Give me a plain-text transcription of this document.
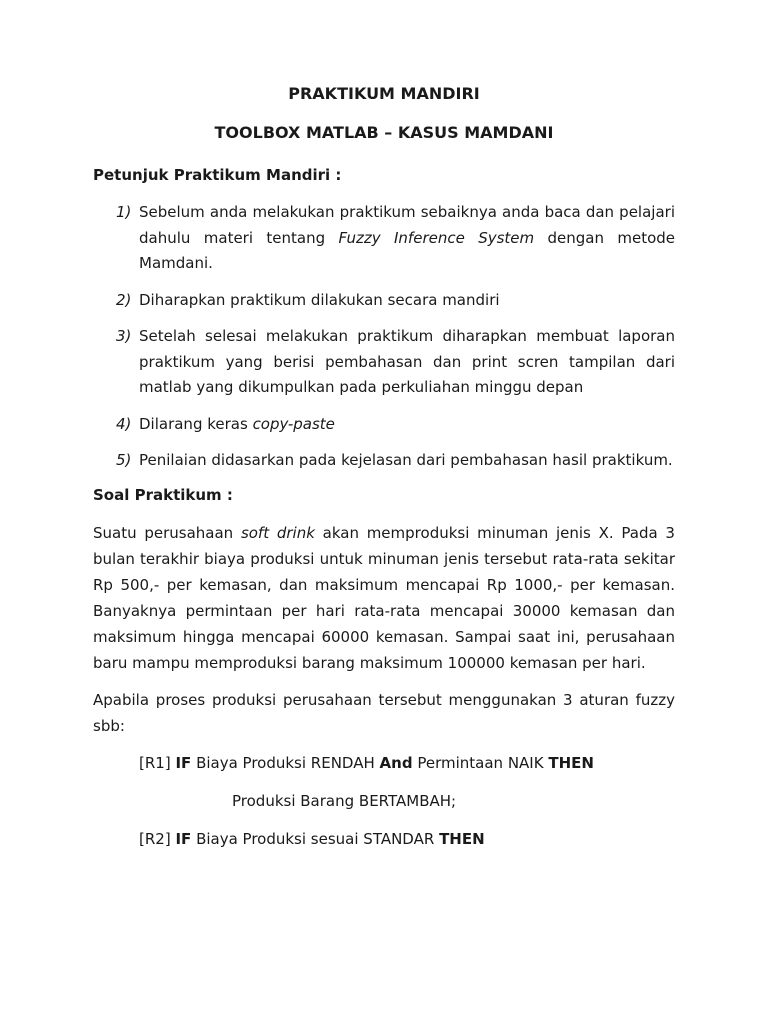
PRAKTIKUM MANDIRI
TOOLBOX MATLAB – KASUS MAMDANI
Petunjuk Praktikum Mandiri :
1) Sebelum anda melakukan praktikum sebaiknya anda baca dan pelajari dahulu materi tentang Fuzzy Inference System dengan metode Mamdani.
2) Diharapkan praktikum dilakukan secara mandiri
3) Setelah selesai melakukan praktikum diharapkan membuat laporan praktikum yang berisi pembahasan dan print scren tampilan dari matlab yang dikumpulkan pada perkuliahan minggu depan
4) Dilarang keras copy-paste
5) Penilaian didasarkan pada kejelasan dari pembahasan hasil praktikum.
Soal Praktikum :

Suatu perusahaan soft drink akan memproduksi minuman jenis X. Pada 3 bulan terakhir biaya produksi untuk minuman jenis tersebut rata-rata sekitar Rp 500,- per kemasan, dan maksimum mencapai Rp 1000,- per kemasan. Banyaknya permintaan per hari rata-rata mencapai 30000 kemasan dan maksimum hingga mencapai 60000 kemasan. Sampai saat ini, perusahaan baru mampu memproduksi barang maksimum 100000 kemasan per hari.

Apabila proses produksi perusahaan tersebut menggunakan 3 aturan fuzzy sbb:

[R1] IF Biaya Produksi RENDAH And Permintaan NAIK THEN
Produksi Barang BERTAMBAH;
[R2] IF Biaya Produksi sesuai STANDAR THEN
